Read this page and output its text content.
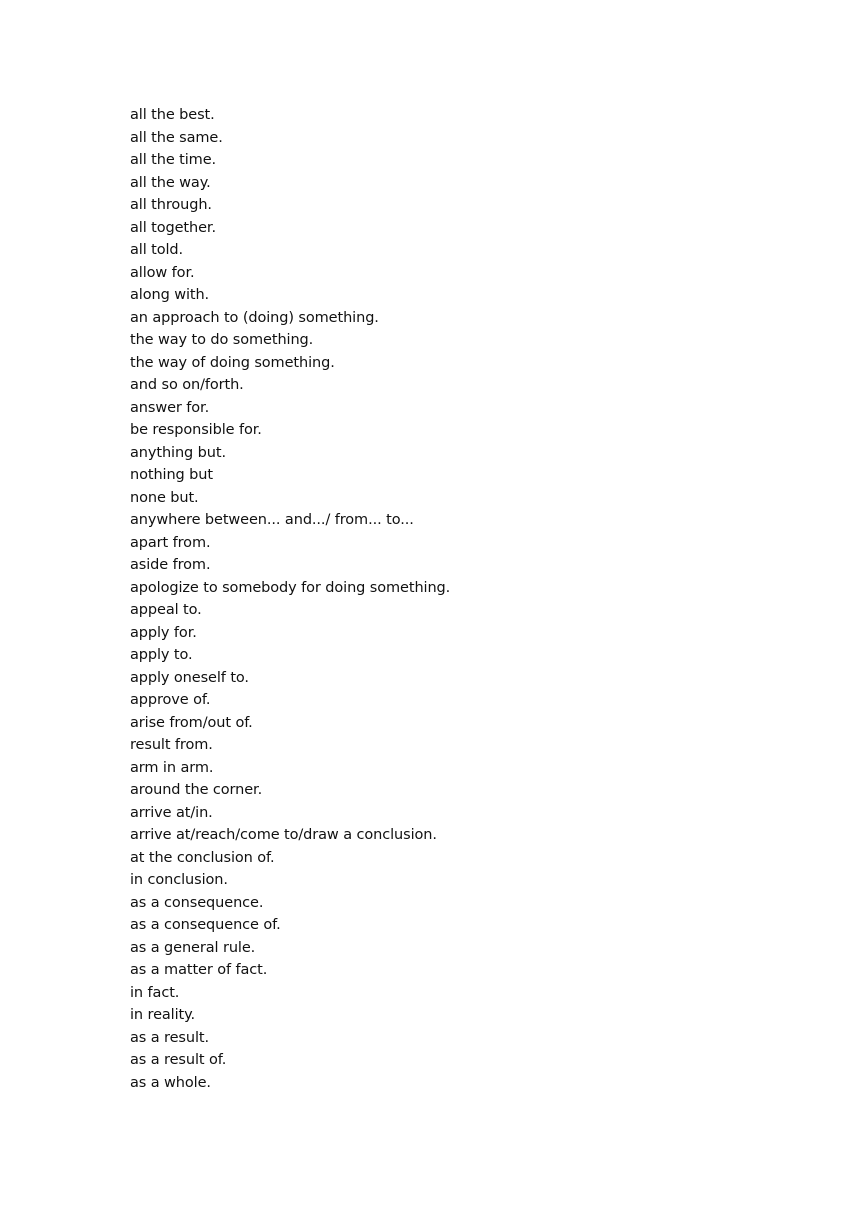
all the best.
all the same.
all the time.
all the way.
all through.
all together.
all told.
allow for.
along with.
an approach to (doing) something.
the way to do something.
the way of doing something.
and so on/forth.
answer for.
be responsible for.
anything but.
nothing but
none but.
anywhere between... and.../ from... to...
apart from.
aside from.
apologize to somebody for doing something.
appeal to.
apply for.
apply to.
apply oneself to.
approve of.
arise from/out of.
result from.
arm in arm.
around the corner.
arrive at/in.
arrive at/reach/come to/draw a conclusion.
at the conclusion of.
in conclusion.
as a consequence.
as a consequence of.
as a general rule.
as a matter of fact.
in fact.
in reality.
as a result.
as a result of.
as a whole.
